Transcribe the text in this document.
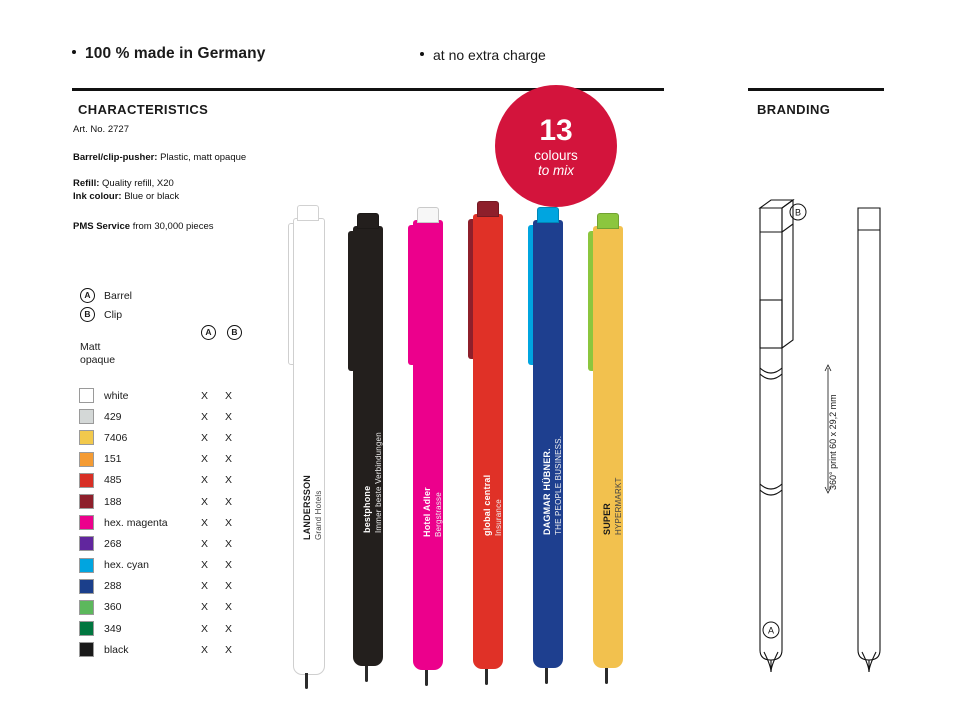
100 % made in Germany	at no extra charge
CHARACTERISTICS	BRANDING
Art. No. 2727
Barrel/clip-pusher: Plastic, matt opaque
Refill: Quality refill, X20
Ink colour: Blue or black
PMS Service from 30,000 pieces
A	Barrel
B	Clip
A	B
Matt
opaque
white	X	X
429	X	X
7406	X	X
151	X	X
485	X	X
188	X	X
hex. magenta	X	X
268	X	X
hex. cyan	X	X
288	X	X
360	X	X
349	X	X
black	X	X
13
colours
to mix
LANDERSSON Grand Hotels	bestphone Immer beste Verbindungen	Hotel Adler Bergstrasse	global central Insurance	DAGMAR HÜBNER. THE PEOPLE BUSINESS.	SUPER HYPERMARKT
B
A
360° print 60 x 29,2 mm
